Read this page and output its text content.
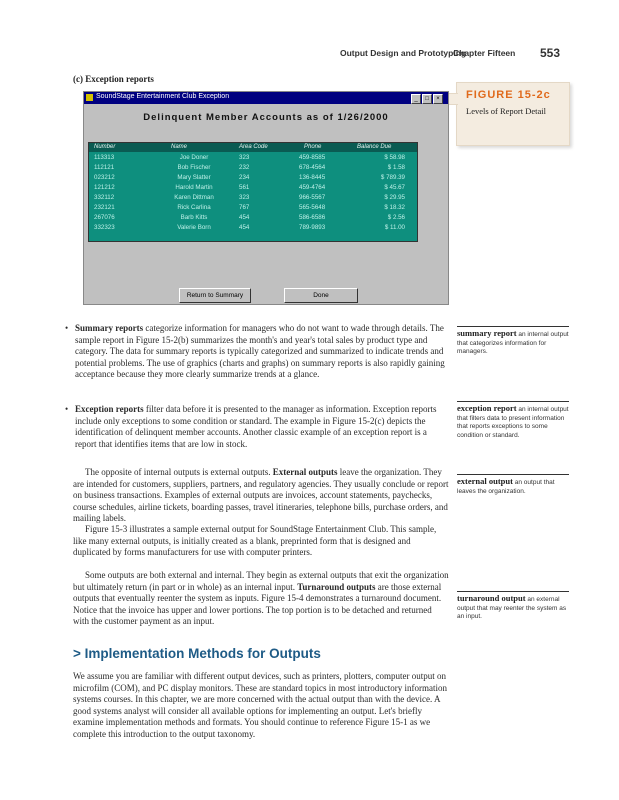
Output Design and Prototyping
Chapter Fifteen 553
(c) Exception reports
FIGURE 15-2c
Levels of Report Detail
SoundStage Entertainment Club Exception	_	□	×
Delinquent Member Accounts as of 1/26/2000
Number	Name	Area Code	Phone	Balance Due
113313	Joe Doner	323	459-8585	$ 58.98
112121	Bob Fischer	232	678-4564	$ 1.58
023212	Mary Slatter	234	136-8445	$ 789.39
121212	Harold Martin	561	459-4764	$ 45.67
332112	Karen Dittman	323	966-5567	$ 29.95
232121	Rick Carlina	767	565-5648	$ 18.32
267076	Barb Kitts	454	586-6586	$ 2.56
332323	Valerie Born	454	789-9893	$ 11.00
Return to Summary	Done
• Summary reports categorize information for managers who do not want to wade through details. The sample report in Figure 15-2(b) summarizes the month's and year's total sales by product type and category. The data for summary reports is typically categorized and summarized to indicate trends and potential problems. The use of graphics (charts and graphs) on summary reports is also rapidly gaining acceptance because they more clearly summarize trends at a glance.
• Exception reports filter data before it is presented to the manager as information. Exception reports include only exceptions to some condition or standard. The example in Figure 15-2(c) depicts the identification of delinquent member accounts. Another classic example of an exception report is a report that identifies items that are low in stock.
The opposite of internal outputs is external outputs. External outputs leave the organization. They are intended for customers, suppliers, partners, and regulatory agencies. They usually conclude or report on business transactions. Examples of external outputs are invoices, account statements, paychecks, course schedules, airline tickets, boarding passes, travel itineraries, telephone bills, purchase orders, and mailing labels.
Figure 15-3 illustrates a sample external output for SoundStage Entertainment Club. This sample, like many external outputs, is initially created as a blank, preprinted form that is designed and duplicated by forms manufacturers for use with computer printers.
Some outputs are both external and internal. They begin as external outputs that exit the organization but ultimately return (in part or in whole) as an internal input. Turnaround outputs are those external outputs that eventually reenter the system as inputs. Figure 15-4 demonstrates a turnaround document. Notice that the invoice has upper and lower portions. The top portion is to be detached and returned with the customer payment as an input.
> Implementation Methods for Outputs
We assume you are familiar with different output devices, such as printers, plotters, computer output on microfilm (COM), and PC display monitors. These are standard topics in most introductory information systems courses. In this chapter, we are more concerned with the actual output than with the device. A good systems analyst will consider all available options for implementing an output. Let's briefly examine implementation methods and formats. You should continue to reference Figure 15-1 as we complete this introduction to the output taxonomy.
summary report an internal output that categorizes information for managers.
exception report an internal output that filters data to present information that reports exceptions to some condition or standard.
external output an output that leaves the organization.
turnaround output an external output that may reenter the system as an input.
